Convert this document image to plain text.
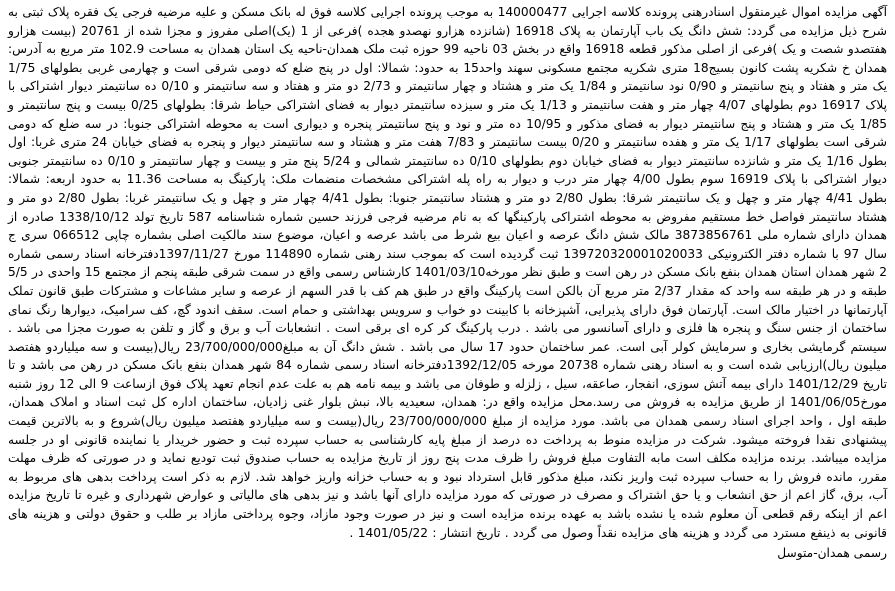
آگهی مزایده اموال غیرمنقول اسنادرهنی پرونده کلاسه اجرایی 140000477 به موجب پرونده اجرایی کلاسه فوق له بانک مسکن و علیه مرضیه فرجی یک فقره پلاک ثبتی به شرح ذیل مزایده می گردد: شش دانگ یک باب آپارتمان به پلاک 16918 (شانزده هزارو نهصدو هجده )فرعی از 1 (یک)اصلی مفروز و مجزا شده از 20761 (بیست هزارو هفتصدو شصت و یک )فرعی از اصلی مذکور قطعه 16918 واقع در بخش 03 ناحیه 99 حوزه ثبت ملک همدان-ناحیه یک استان همدان به مساحت 102.9 متر مربع به آدرس: همدان خ شکریه پشت کانون بسیج18 متری شکریه مجتمع مسکونی سهند واحد15 به حدود: شمالا: اول در پنج ضلع که دومی شرقی است و چهارمی غربی بطولهای 1/75 یک متر و هفتاد و پنج سانتیمتر و 0/90 نود سانتیمتر و 1/84 یک متر و هشتاد و چهار سانتیمتر و 2/73 دو متر و هفتاد و سه سانتیمتر و 0/10 ده سانتیمتر دیوار اشتراکی با پلاک 16917 دوم بطولهای 4/07 چهار متر و هفت سانتیمتر و 1/13 یک متر و سیزده سانتیمتر دیوار به فضای اشتراکی حیاط شرقا: بطولهای 0/25 بیست و پنج سانتیمتر و 1/85 یک متر و هشتاد و پنج سانتیمتر دیوار به فضای مذکور و 10/95 ده متر و نود و پنج سانتیمتر پنجره و دیواری است به محوطه اشتراکی جنوبا: در سه ضلع که دومی شرقی است بطولهای 1/17 یک متر و هفده سانتیمتر و 0/20 بیست سانتیمتر و 7/83 هفت متر و هشتاد و سه سانتیمتر دیوار و پنجره به فضای خیابان 24 متری غربا: اول بطول 1/16 یک متر و شانزده سانتیمتر دیوار به فضای خیابان دوم بطولهای 0/10 ده سانتیمتر شمالی و 5/24 پنج متر و بیست و چهار سانتیمتر و 0/10 ده سانتیمتر جنوبی دیوار اشتراکی با پلاک 16919 سوم بطول 4/00 چهار متر درب و دیوار به راه پله اشتراکی مشخصات منضمات ملک: پارکینگ به مساحت 11.36 به حدود اربعه: شمالا: بطول 4/41 چهار متر و چهل و یک سانتیمتر شرقا: بطول 2/80 دو متر و هشتاد سانتیمتر جنوبا: بطول 4/41 چهار متر و چهل و یک سانتیمتر غربا: بطول 2/80 دو متر و هشتاد سانتیمتر فواصل خط مستقیم مفروض به محوطه اشتراکی پارکینگها که به نام مرضیه فرجی فرزند حسین شماره شناسنامه 587 تاریخ تولد 1338/10/12 صادره از همدان دارای شماره ملی 3873856761 مالک شش دانگ عرصه و اعیان بیع شرط می باشد عرصه و اعیان، موضوع سند مالکیت اصلی بشماره چاپی 066512 سری ج سال 97 با شماره دفتر الکترونیکی 139720320001020033 ثبت گردیده است که بموجب سند رهنی شماره 114890 مورخ 1397/11/27دفترخانه اسناد رسمی شماره 2 شهر همدان استان همدان بنفع بانک مسکن در رهن است و طبق نظر مورخه1401/03/10 کارشناس رسمی واقع در سمت شرقی طبقه پنجم از مجتمع 15 واحدی در 5/5 طبقه و در هر طبقه سه واحد که مقدار 2/37 متر مربع آن بالکن است پارکینگ واقع در طبق هم کف با قدر السهم از عرصه و سایر مشاعات و مشترکات طبق قانون تملک آپارتمانها در اختیار مالک است. آپارتمان فوق دارای پذیرایی، آشپزخانه با کابینت دو خواب و سرویس بهداشتی و حمام است. سقف اندود گچ، کف سرامیک، دیوارها رنگ نمای ساختمان از جنس سنگ و پنجره ها فلزی و دارای آسانسور می باشد . درب پارکینگ کر کره ای برقی است . انشعابات آب و برق و گاز و تلفن به صورت مجزا می باشد . سیستم گرمایشی بخاری و سرمایش کولر آبی است. عمر ساختمان حدود 17 سال می باشد . شش دانگ آن به مبلغ23/700/000/000 ریال(بیست و سه میلیاردو هفتصد میلیون ریال)ارزیابی شده است و به اسناد رهنی شماره 20738 مورخه 1392/12/05دفترخانه اسناد رسمی شماره 84 شهر همدان بنفع بانک مسکن در رهن می باشد و تا تاریخ 1401/12/29 دارای بیمه آتش سوزی، انفجار، صاعقه، سیل ، زلزله و طوفان می باشد و بیمه نامه هم به علت عدم انجام تعهد پلاک فوق ازساعت 9 الی 12 روز شنبه مورخ1401/06/05 از طریق مزایده به فروش می رسد.محل مزایده واقع در: همدان، سعیدیه بالا، نبش بلوار غنی زادیان، ساختمان اداره کل ثبت اسناد و املاک همدان، طبقه اول ، واحد اجرای اسناد رسمی همدان می باشد. مورد مزایده از مبلغ 23/700/000/000 ریال(بیست و سه میلیاردو هفتصد میلیون ریال)شروع و به بالاترین قیمت پیشنهادی نقدا فروخته میشود. شرکت در مزایده منوط به پرداخت ده درصد از مبلغ پایه کارشناسی به حساب سپرده ثبت و حضور خریدار یا نماینده قانونی او در جلسه مزایده میباشد. برنده مزایده مکلف است مابه التفاوت مبلغ فروش را ظرف مدت پنج روز از تاریخ مزایده به حساب صندوق ثبت تودیع نماید و در صورتی که ظرف مهلت مقرر، مانده فروش را به حساب سپرده ثبت واریز نکند، مبلغ مذکور قابل استرداد نبود و به حساب خزانه واریز خواهد شد. لازم به ذکر است پرداخت بدهی های مربوط به آب، برق، گاز اعم از حق انشعاب و یا حق اشتراک و مصرف در صورتی که مورد مزایده دارای آنها باشد و نیز بدهی های مالیاتی و عوارض شهرداری و غیره تا تاریخ مزایده اعم از اینکه رقم قطعی آن معلوم شده یا نشده باشد به عهده برنده مزایده است و نیز در صورت وجود مازاد، وجوه پرداختی مازاد بر طلب و حقوق دولتی و هزینه های قانونی به ذینفع مسترد می گردد و هزینه های مزایده نقداً وصول می گردد . تاریخ انتشار : 1401/05/22 .

رسمی همدان-متوسل
